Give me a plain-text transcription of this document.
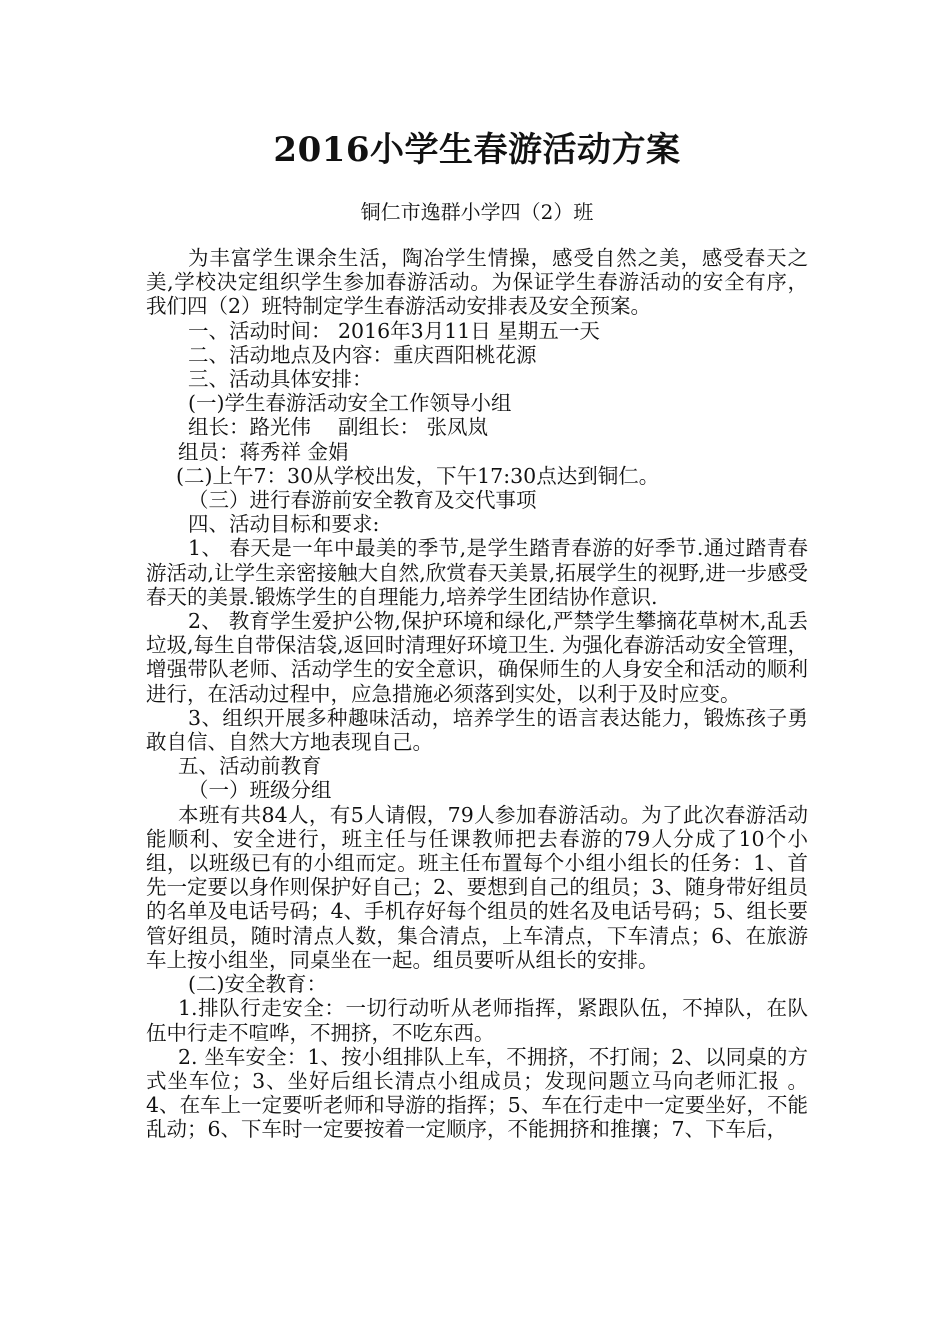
2016小学生春游活动方案
铜仁市逸群小学四（2）班

为丰富学生课余生活，陶冶学生情操，感受自然之美，感受春天之美,学校决定组织学生参加春游活动。为保证学生春游活动的安全有序，我们四（2）班特制定学生春游活动安排表及安全预案。

一、活动时间： 2016年3月11日 星期五一天

二、活动地点及内容：重庆酉阳桃花源

三、活动具体安排：

(一)学生春游活动安全工作领导小组

组长：路光伟　 副组长： 张凤岚

组员：蒋秀祥 金娟

(二)上午7：30从学校出发，下午17:30点达到铜仁。

（三）进行春游前安全教育及交代事项

四、活动目标和要求:

1、 春天是一年中最美的季节,是学生踏青春游的好季节.通过踏青春游活动,让学生亲密接触大自然,欣赏春天美景,拓展学生的视野,进一步感受春天的美景.锻炼学生的自理能力,培养学生团结协作意识.

2、 教育学生爱护公物,保护环境和绿化,严禁学生攀摘花草树木,乱丢垃圾,每生自带保洁袋,返回时清理好环境卫生. 为强化春游活动安全管理，增强带队老师、活动学生的安全意识，确保师生的人身安全和活动的顺利进行，在活动过程中，应急措施必须落到实处，以利于及时应变。

3、组织开展多种趣味活动，培养学生的语言表达能力，锻炼孩子勇敢自信、自然大方地表现自己。

五、活动前教育

（一）班级分组

本班有共84人，有5人请假，79人参加春游活动。为了此次春游活动能顺利、安全进行，班主任与任课教师把去春游的79人分成了10个小组，以班级已有的小组而定。班主任布置每个小组小组长的任务：1、首先一定要以身作则保护好自己；2、要想到自己的组员；3、随身带好组员的名单及电话号码；4、手机存好每个组员的姓名及电话号码；5、组长要管好组员，随时清点人数，集合清点，上车清点，下车清点；6、在旅游车上按小组坐，同桌坐在一起。组员要听从组长的安排。

(二)安全教育：

1.排队行走安全：一切行动听从老师指挥，紧跟队伍，不掉队，在队伍中行走不喧哗，不拥挤，不吃东西。

2. 坐车安全：1、按小组排队上车，不拥挤，不打闹；2、以同桌的方式坐车位；3、坐好后组长清点小组成员；发现问题立马向老师汇报 。4、在车上一定要听老师和导游的指挥；5、车在行走中一定要坐好，不能乱动；6、下车时一定要按着一定顺序，不能拥挤和推攘；7、下车后，
